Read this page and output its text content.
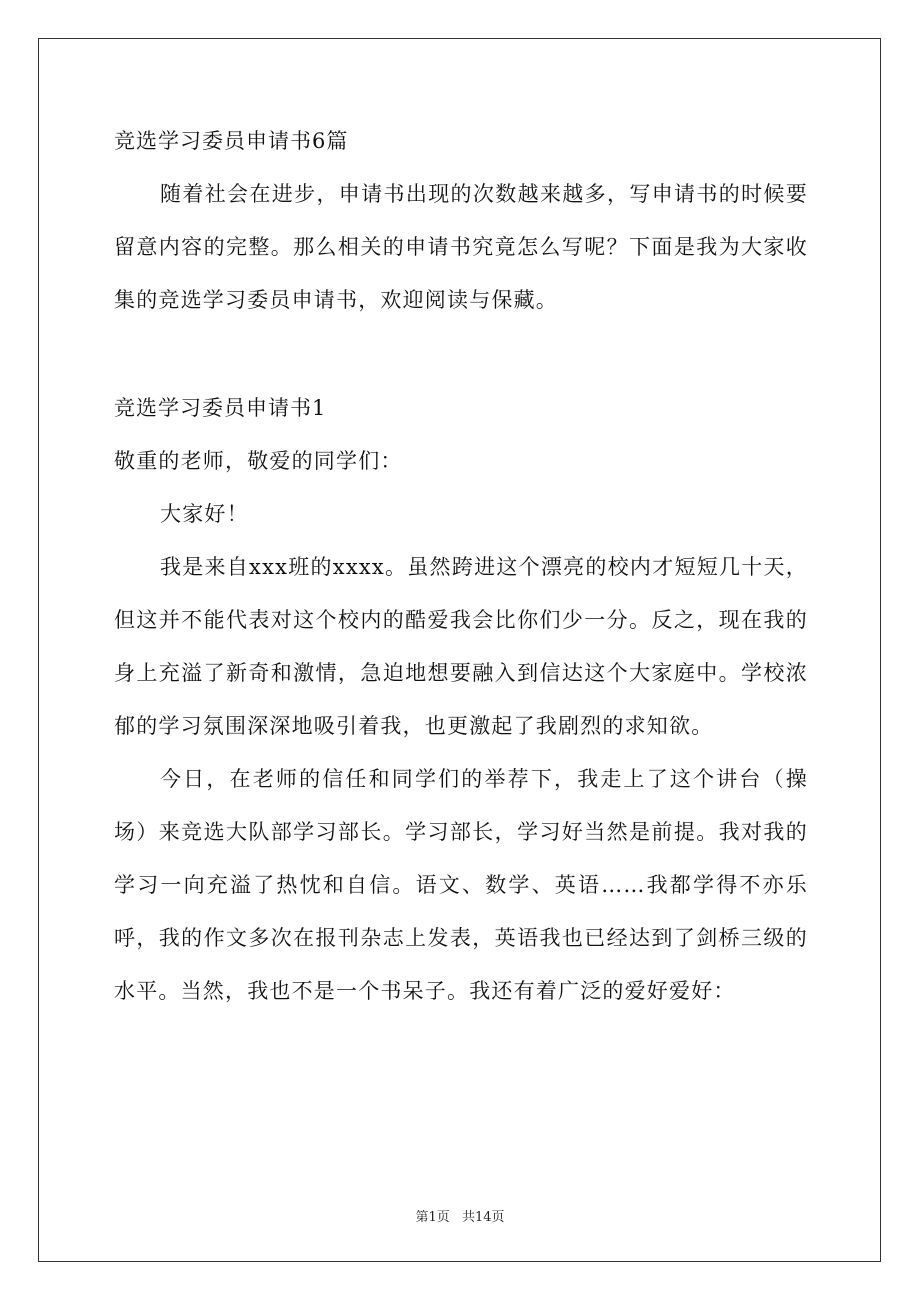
竞选学习委员申请书6篇

随着社会在进步，申请书出现的次数越来越多，写申请书的时候要留意内容的完整。那么相关的申请书究竟怎么写呢？下面是我为大家收集的竞选学习委员申请书，欢迎阅读与保藏。

竞选学习委员申请书1

敬重的老师，敬爱的同学们：

大家好！

我是来自xxx班的xxxx。虽然跨进这个漂亮的校内才短短几十天，但这并不能代表对这个校内的酷爱我会比你们少一分。反之，现在我的身上充溢了新奇和激情，急迫地想要融入到信达这个大家庭中。学校浓郁的学习氛围深深地吸引着我，也更激起了我剧烈的求知欲。

今日，在老师的信任和同学们的举荐下，我走上了这个讲台（操场）来竞选大队部学习部长。学习部长，学习好当然是前提。我对我的学习一向充溢了热忱和自信。语文、数学、英语……我都学得不亦乐呼，我的作文多次在报刊杂志上发表，英语我也已经达到了剑桥三级的水平。当然，我也不是一个书呆子。我还有着广泛的爱好爱好：

第1页 共14页
